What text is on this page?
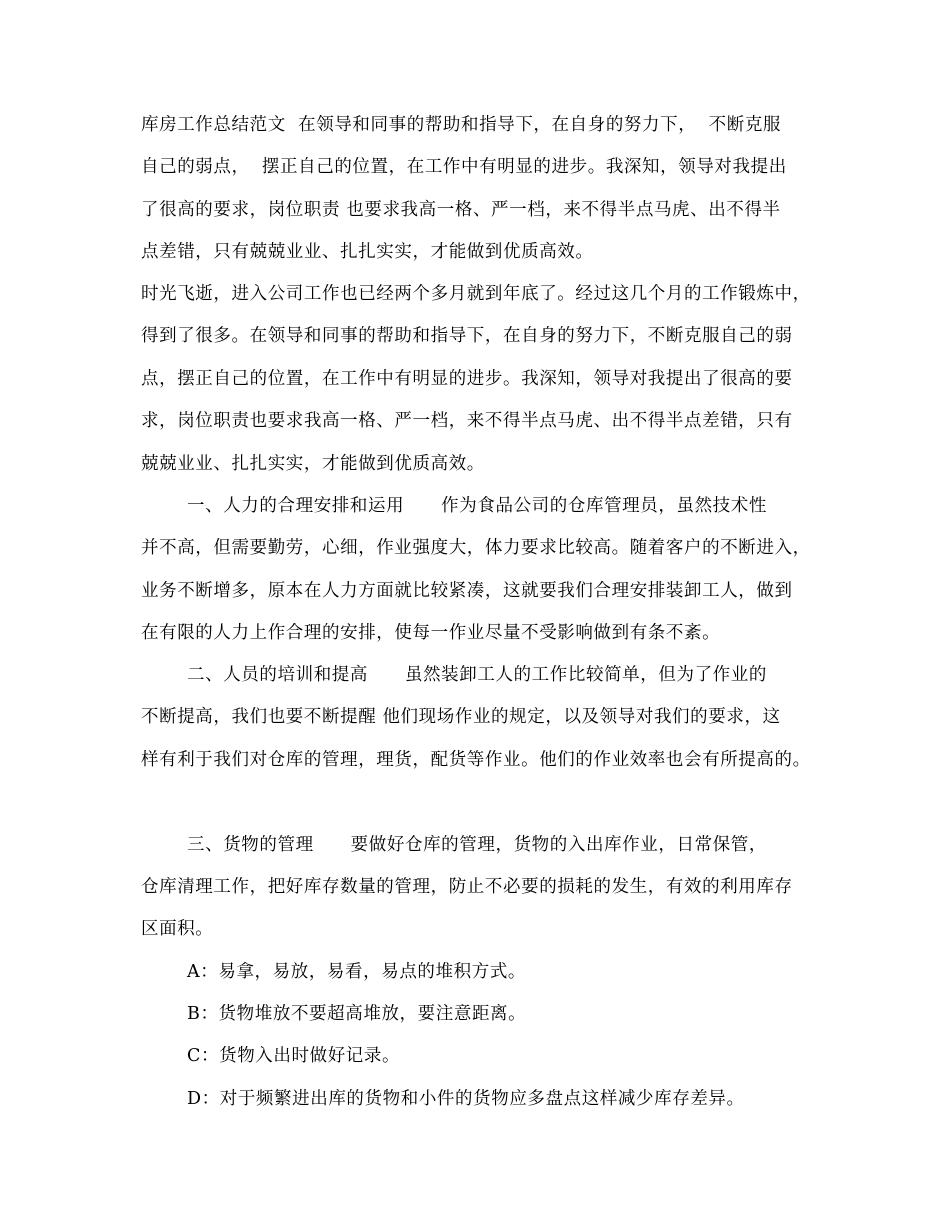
库房工作总结范文  在领导和同事的帮助和指导下，在自身的努力下，  不断克服
自己的弱点，  摆正自己的位置，在工作中有明显的进步。我深知，领导对我提出
了很高的要求，岗位职责 也要求我高一格、严一档，来不得半点马虎、出不得半
点差错，只有兢兢业业、扎扎实实，才能做到优质高效。
时光飞逝，进入公司工作也已经两个多月就到年底了。经过这几个月的工作锻炼中，
得到了很多。在领导和同事的帮助和指导下，在自身的努力下，不断克服自己的弱
点，摆正自己的位置，在工作中有明显的进步。我深知，领导对我提出了很高的要
求，岗位职责也要求我高一格、严一档，来不得半点马虎、出不得半点差错，只有
兢兢业业、扎扎实实，才能做到优质高效。
一、人力的合理安排和运用      作为食品公司的仓库管理员，虽然技术性
并不高，但需要勤劳，心细，作业强度大，体力要求比较高。随着客户的不断进入，
业务不断增多，原本在人力方面就比较紧凑，这就要我们合理安排装卸工人，做到
在有限的人力上作合理的安排，使每一作业尽量不受影响做到有条不紊。
二、人员的培训和提高      虽然装卸工人的工作比较简单，但为了作业的
不断提高，我们也要不断提醒 他们现场作业的规定，以及领导对我们的要求，这
样有利于我们对仓库的管理，理货，配货等作业。他们的作业效率也会有所提高的。
三、货物的管理      要做好仓库的管理，货物的入出库作业，日常保管，
仓库清理工作，把好库存数量的管理，防止不必要的损耗的发生，有效的利用库存
区面积。
A：易拿，易放，易看，易点的堆积方式。
B：货物堆放不要超高堆放，要注意距离。
C：货物入出时做好记录。
D：对于频繁进出库的货物和小件的货物应多盘点这样减少库存差异。
